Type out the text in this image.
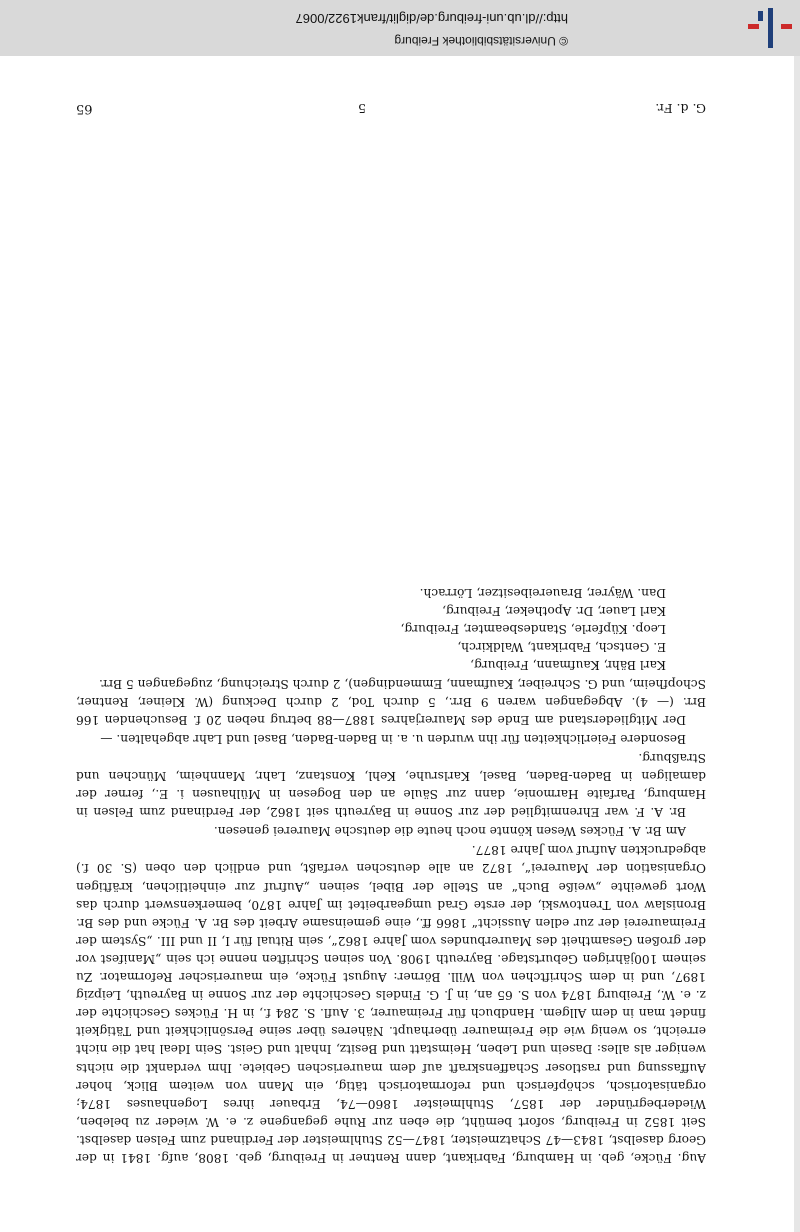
© Universitätsbibliothek Freiburg
http://dl.ub.uni-freiburg.de/diglit/frank1922/0067

Aug. Fücke, geb. in Hamburg, Fabrikant, dann Rentner in Freiburg, geb. 1808, aufg. 1841 in der Georg daselbst, 1843—47 Schatzmeister, 1847—52 Stuhlmeister der Ferdinand zum Felsen daselbst. Seit 1852 in Freiburg, sofort bemüht, die eben zur Ruhe gegangene z. e. W. wieder zu beleben, Wiederbegründer der 1857, Stuhlmeister 1860—74, Erbauer ihres Logenhauses 1874; organisatorisch, schöpferisch und reformatorisch tätig, ein Mann von weitem Blick, hoher Auffassung und rastloser Schaffenskraft auf dem maurerischen Gebiete. Ihm verdankt die nichts weniger als alles: Dasein und Leben, Heimstatt und Besitz, Inhalt und Geist. Sein Ideal hat die nicht erreicht, so wenig wie die Freimaurer überhaupt. Näheres über seine Persönlichkeit und Tätigkeit findet man in dem Allgem. Handbuch für Freimaurer, 3. Aufl. S. 284 f., in H. Fückes Geschichte der z. e. W., Freiburg 1874 von S. 65 an, in J. G. Findels Geschichte der zur Sonne in Bayreuth, Leipzig 1897, und in dem Schriftchen von Will. Börner: August Fücke, ein maurerischer Reformator. Zu seinem 100jährigen Geburtstage. Bayreuth 1908. Von seinen Schriften nenne ich sein „Manifest vor der großen Gesamtheit des Maurerbundes vom Jahre 1862“, sein Ritual für I, II und III. „System der Freimaurerei der zur edlen Aussicht“ 1866 ff., eine gemeinsame Arbeit des Br. A. Fücke und des Br. Bronislaw von Trentowski, der erste Grad umgearbeitet im Jahre 1870, bemerkenswert durch das Wort geweihte „weiße Buch“ an Stelle der Bibel, seinen „Aufruf zur einheitlichen, kräftigen Organisation der Maurerei“, 1872 an alle deutschen verfaßt, und endlich den oben (S. 30 f.) abgedruckten Aufruf vom Jahre 1877.

Am Br. A. Fückes Wesen könnte noch heute die deutsche Maurerei genesen.

Br. A. F. war Ehrenmitglied der zur Sonne in Bayreuth seit 1862, der Ferdinand zum Felsen in Hamburg, Parfaite Harmonie, dann zur Säule an den Bogesen in Mülhausen i. E., ferner der damaligen in Baden-Baden, Basel, Karlsruhe, Kehl, Konstanz, Lahr, Mannheim, München und Straßburg.

Besondere Feierlichkeiten für ihn wurden u. a. in Baden-Baden, Basel und Lahr abgehalten. —

Der Mitgliederstand am Ende des Maurerjahres 1887—88 betrug neben 20 f. Besuchenden 166 Brr. (— 4). Abgegangen waren 9 Brr., 5 durch Tod, 2 durch Deckung (W. Kleiner, Rentner, Schopfheim, und G. Schreiber, Kaufmann, Emmendingen), 2 durch Streichung, zugegangen 5 Brr.

Karl Bähr, Kaufmann, Freiburg,
E. Gentsch, Fabrikant, Waldkirch,
Leop. Küpferle, Standesbeamter, Freiburg,
Karl Lauer, Dr. Apotheker, Freiburg,
Dan. Wäyrer, Brauereibesitzer, Lörrach.
G. d. Fr.
5
65
